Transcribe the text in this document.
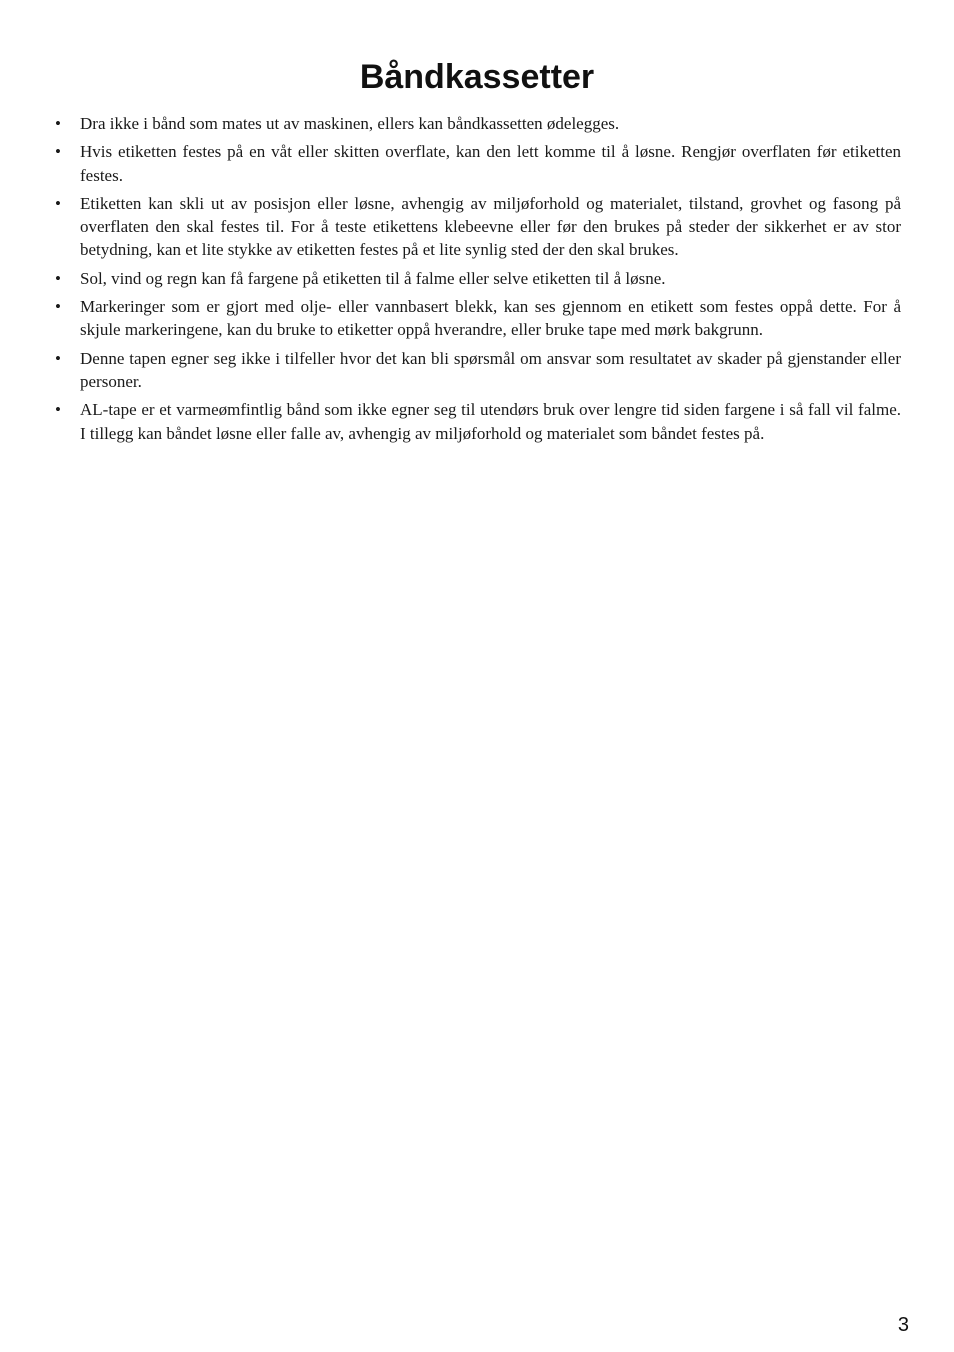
Båndkassetter
•	Dra ikke i bånd som mates ut av maskinen, ellers kan båndkassetten ødelegges.
•	Hvis etiketten festes på en våt eller skitten overflate, kan den lett komme til å løsne. Rengjør overflaten før etiketten festes.
•	Etiketten kan skli ut av posisjon eller løsne, avhengig av miljøforhold og materialet, tilstand, grovhet og fasong på overflaten den skal festes til. For å teste etikettens klebeevne eller før den brukes på steder der sikkerhet er av stor betydning, kan et lite stykke av etiketten festes på et lite synlig sted der den skal brukes.
•	Sol, vind og regn kan få fargene på etiketten til å falme eller selve etiketten til å løsne.
•	Markeringer som er gjort med olje- eller vannbasert blekk, kan ses gjennom en etikett som festes oppå dette. For å skjule markeringene, kan du bruke to etiketter oppå hverandre, eller bruke tape med mørk bakgrunn.
•	Denne tapen egner seg ikke i tilfeller hvor det kan bli spørsmål om ansvar som resultatet av skader på gjenstander eller personer.
•	AL-tape er et varmeømfintlig bånd som ikke egner seg til utendørs bruk over lengre tid siden fargene i så fall vil falme. I tillegg kan båndet løsne eller falle av, avhengig av miljøforhold og materialet som båndet festes på.
3
